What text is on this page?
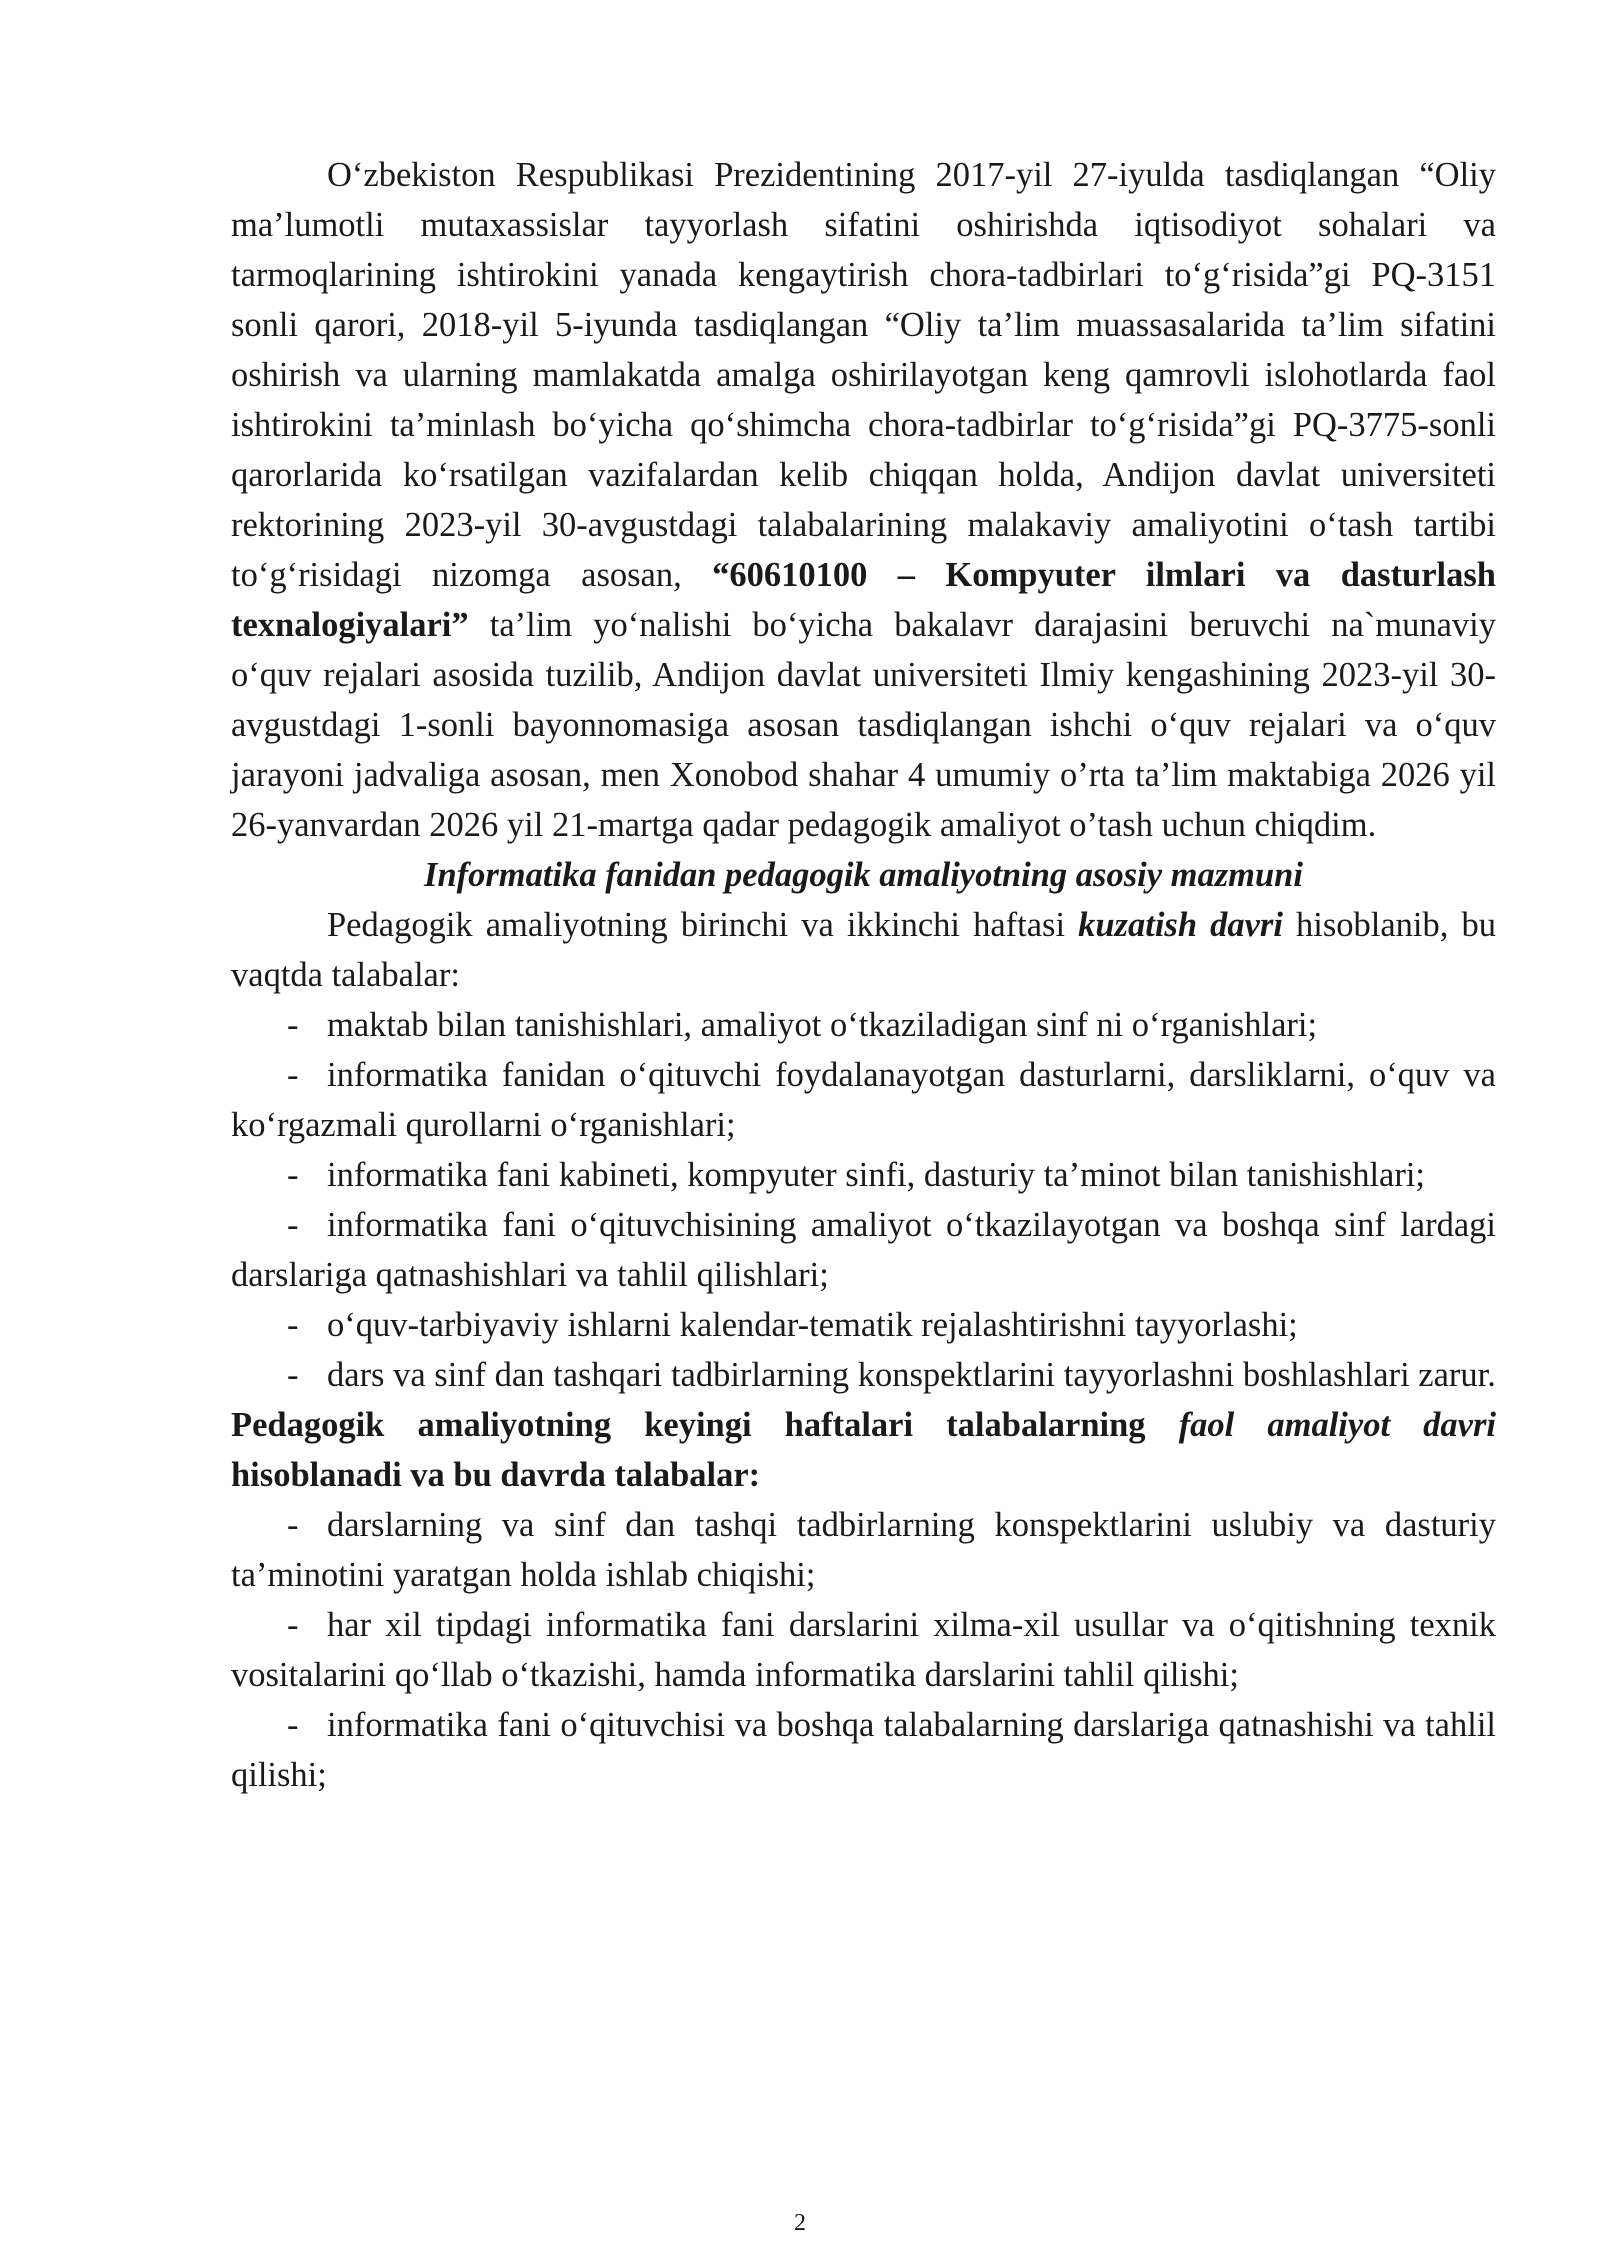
O‘zbekiston Respublikasi Prezidentining 2017-yil 27-iyulda tasdiqlangan “Oliy ma’lumotli mutaxassislar tayyorlash sifatini oshirishda iqtisodiyot sohalari va tarmoqlarining ishtirokini yanada kengaytirish chora-tadbirlari to‘g‘risida”gi PQ-3151 sonli qarori, 2018-yil 5-iyunda tasdiqlangan “Oliy ta’lim muassasalarida ta’lim sifatini oshirish va ularning mamlakatda amalga oshirilayotgan keng qamrovli islohotlarda faol ishtirokini ta’minlash bo‘yicha qo‘shimcha chora-tadbirlar to‘g‘risida”gi PQ-3775-sonli qarorlarida ko‘rsatilgan vazifalardan kelib chiqqan holda, Andijon davlat universiteti rektorining 2023-yil 30-avgustdagi talabalarining malakaviy amaliyotini o‘tash tartibi to‘g‘risidagi nizomga asosan, “60610100 – Kompyuter ilmlari va dasturlash texnalogiyalari” ta’lim yo‘nalishi bo‘yicha bakalavr darajasini beruvchi na`munaviy o‘quv rejalari asosida tuzilib, Andijon davlat universiteti Ilmiy kengashining 2023-yil 30-avgustdagi 1-sonli bayonnomasiga asosan tasdiqlangan ishchi o‘quv rejalari va o‘quv jarayoni jadvaliga asosan, men Xonobod shahar 4 umumiy o’rta ta’lim maktabiga 2026 yil 26-yanvardan 2026 yil 21-martga qadar pedagogik amaliyot o’tash uchun chiqdim.

Informatika fanidan pedagogik amaliyotning asosiy mazmuni

Pedagogik amaliyotning birinchi va ikkinchi haftasi kuzatish davri hisoblanib, bu vaqtda talabalar:

- maktab bilan tanishishlari, amaliyot o‘tkaziladigan sinf ni o‘rganishlari;

- informatika fanidan o‘qituvchi foydalanayotgan dasturlarni, darsliklarni, o‘quv va ko‘rgazmali qurollarni o‘rganishlari;

- informatika fani kabineti, kompyuter sinfi, dasturiy ta’minot bilan tanishishlari;

- informatika fani o‘qituvchisining amaliyot o‘tkazilayotgan va boshqa sinf lardagi darslariga qatnashishlari va tahlil qilishlari;

- o‘quv-tarbiyaviy ishlarni kalendar-tematik rejalashtirishni tayyorlashi;

- dars va sinf dan tashqari tadbirlarning konspektlarini tayyorlashni boshlashlari zarur.

Pedagogik amaliyotning keyingi haftalari talabalarning faol amaliyot davri hisoblanadi va bu davrda talabalar:

- darslarning va sinf dan tashqi tadbirlarning konspektlarini uslubiy va dasturiy ta’minotini yaratgan holda ishlab chiqishi;

- har xil tipdagi informatika fani darslarini xilma-xil usullar va o‘qitishning texnik vositalarini qo‘llab o‘tkazishi, hamda informatika darslarini tahlil qilishi;

- informatika fani o‘qituvchisi va boshqa talabalarning darslariga qatnashishi va tahlil qilishi;

2
